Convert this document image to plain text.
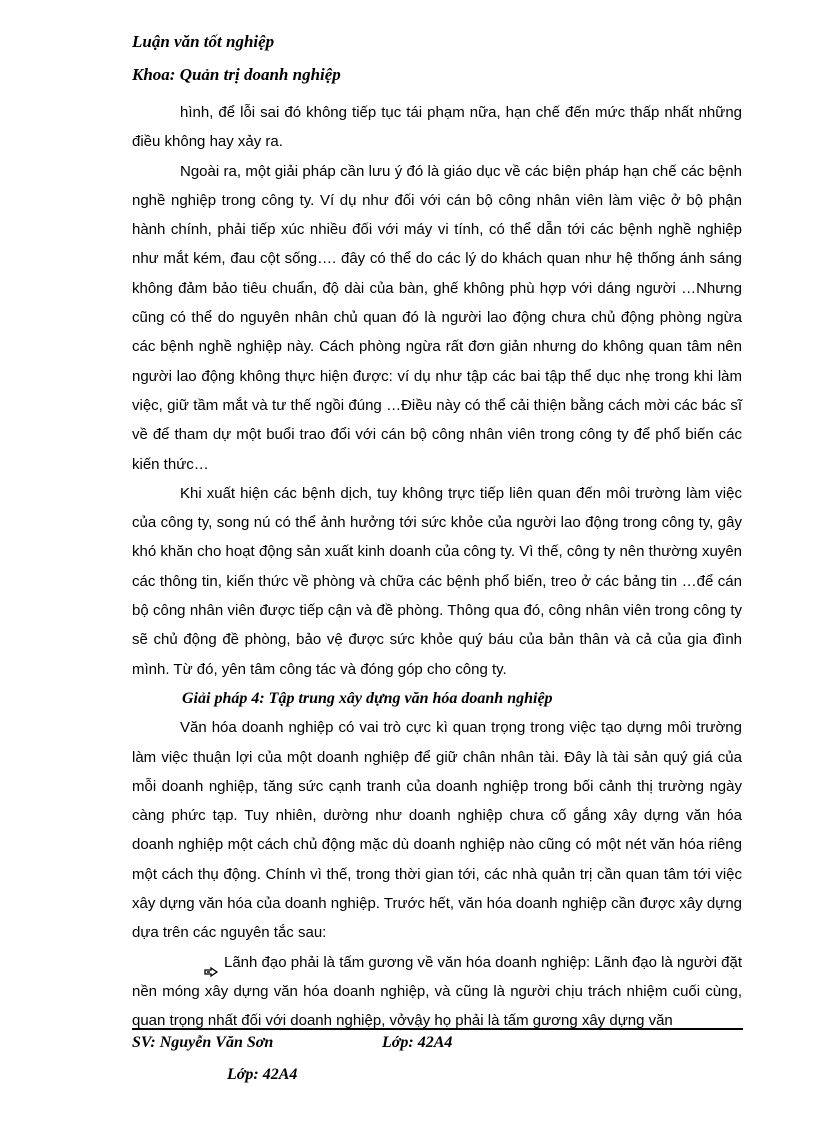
Luận văn tốt nghiệp
Khoa: Quản trị doanh nghiệp

hình, để lỗi sai đó không tiếp tục tái phạm nữa, hạn chế đến mức thấp nhất những điều không hay xảy ra.

Ngoài ra, một giải pháp cần lưu ý đó là giáo dục về các biện pháp hạn chế các bệnh nghề nghiệp trong công ty. Ví dụ như đối với cán bộ công nhân viên làm việc ở bộ phận hành chính, phải tiếp xúc nhiều đối với máy vi tính, có thể dẫn tới các bệnh nghề nghiệp như mắt kém, đau cột sống…. đây có thể do các lý do khách quan như hệ thống ánh sáng không đảm bảo tiêu chuẩn, độ dài của bàn, ghế không phù hợp với dáng người …Nhưng cũng có thể do nguyên nhân chủ quan đó là người lao động chưa chủ động phòng ngừa các bệnh nghề nghiệp này. Cách phòng ngừa rất đơn giản nhưng do không quan tâm nên người lao động không thực hiện được: ví dụ như tập các bai tập thể dục nhẹ trong khi làm việc, giữ tầm mắt và tư thế ngồi đúng …Điều này có thể cải thiện bằng cách mời các bác sĩ về để tham dự một buổi trao đổi với cán bộ công nhân viên trong công ty để phổ biến các kiến thức…

Khi xuất hiện các bệnh dịch, tuy không trực tiếp liên quan đến môi trường làm việc của công ty, song nú có thể ảnh hưởng tới sức khỏe của người lao động trong công ty, gây khó khăn cho hoạt động sản xuất kinh doanh của công ty. Vì thế, công ty nên thường xuyên các thông tin, kiến thức về phòng và chữa các bệnh phổ biến, treo ở các bảng tin …để cán bộ công nhân viên được tiếp cận và đề phòng. Thông qua đó, công nhân viên trong công ty sẽ chủ động đề phòng, bảo vệ được sức khỏe quý báu của bản thân và cả của gia đình mình. Từ đó, yên tâm công tác và đóng góp cho công ty.

Giải pháp 4: Tập trung xây dựng văn hóa doanh nghiệp

Văn hóa doanh nghiệp có vai trò cực kì quan trọng trong việc tạo dựng môi trường làm việc thuận lợi của một doanh nghiệp để giữ chân nhân tài. Đây là tài sản quý giá của mỗi doanh nghiệp, tăng sức cạnh tranh của doanh nghiệp trong bối cảnh thị trường ngày càng phức tạp. Tuy nhiên, dường như doanh nghiệp chưa cố gắng xây dựng văn hóa doanh nghiệp một cách chủ động mặc dù doanh nghiệp nào cũng có một nét văn hóa riêng một cách thụ động. Chính vì thế, trong thời gian tới, các nhà quản trị cần quan tâm tới việc xây dựng văn hóa của doanh nghiệp. Trước hết, văn hóa doanh nghiệp cần được xây dựng dựa trên các nguyên tắc sau:

Lãnh đạo phải là tấm gương về văn hóa doanh nghiệp: Lãnh đạo là người đặt nền móng xây dựng văn hóa doanh nghiệp, và cũng là người chịu trách nhiệm cuối cùng, quan trọng nhất đối với doanh nghiệp, vởvậy họ phải là tấm gương xây dựng văn

SV: Nguyễn Văn Sơn	Lớp: 42A4
Lớp: 42A4
